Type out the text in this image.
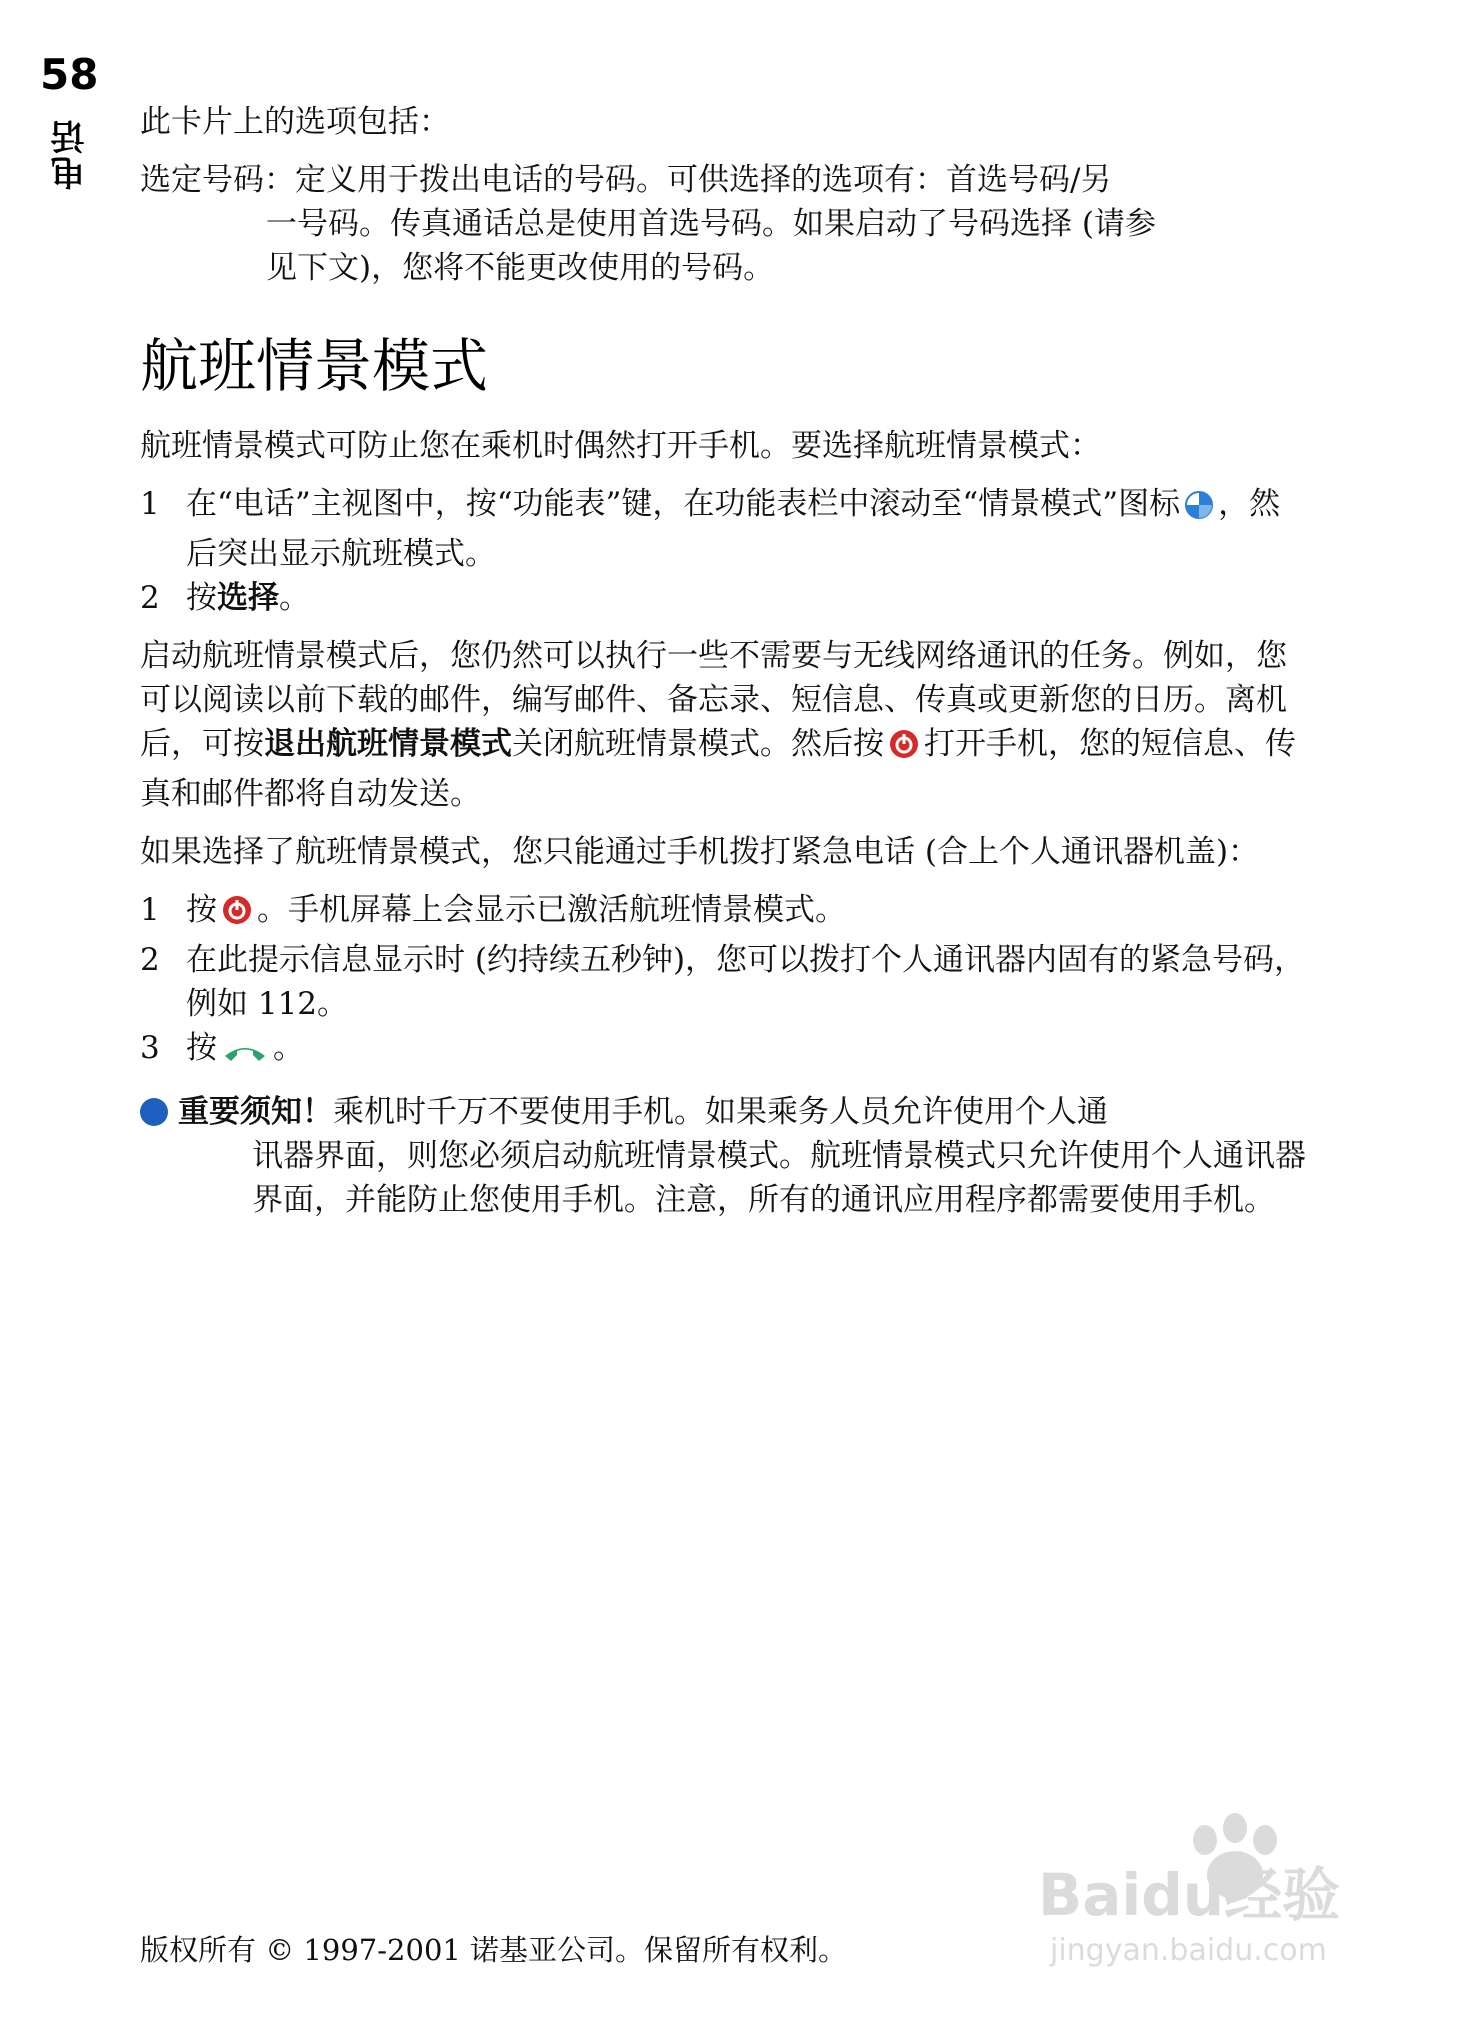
58
电话 此卡片上的选项包括：

选定号码： 定义用于拨出电话的号码。可供选择的选项有：首选号码/另
一号码。传真通话总是使用首选号码。如果启动了号码选择 (请参
见下文)，您将不能更改使用的号码。
航班情景模式

航班情景模式可防止您在乘机时偶然打开手机。要选择航班情景模式：

1 在“电话”主视图中，按“功能表”键，在功能表栏中滚动至“情景模式”图标 ，然后突出显示航班模式。
2 按选择。

启动航班情景模式后，您仍然可以执行一些不需要与无线网络通讯的任务。例如，您可以阅读以前下载的邮件，编写邮件、备忘录、短信息、传真或更新您的日历。离机后，可按退出航班情景模式关闭航班情景模式。然后按 打开手机，您的短信息、传真和邮件都将自动发送。

如果选择了航班情景模式，您只能通过手机拨打紧急电话 (合上个人通讯器机盖)：

1 按 。手机屏幕上会显示已激活航班情景模式。
2 在此提示信息显示时 (约持续五秒钟)，您可以拨打个人通讯器内固有的紧急号码，例如 112。
3 按 。
重要须知！乘机时千万不要使用手机。如果乘务人员允许使用个人通
讯器界面，则您必须启动航班情景模式。航班情景模式只允许使用个人通讯器界面，并能防止您使用手机。注意，所有的通讯应用程序都需要使用手机。
Baidu经验
jingyan.baidu.com
版权所有 © 1997-2001 诺基亚公司。保留所有权利。
